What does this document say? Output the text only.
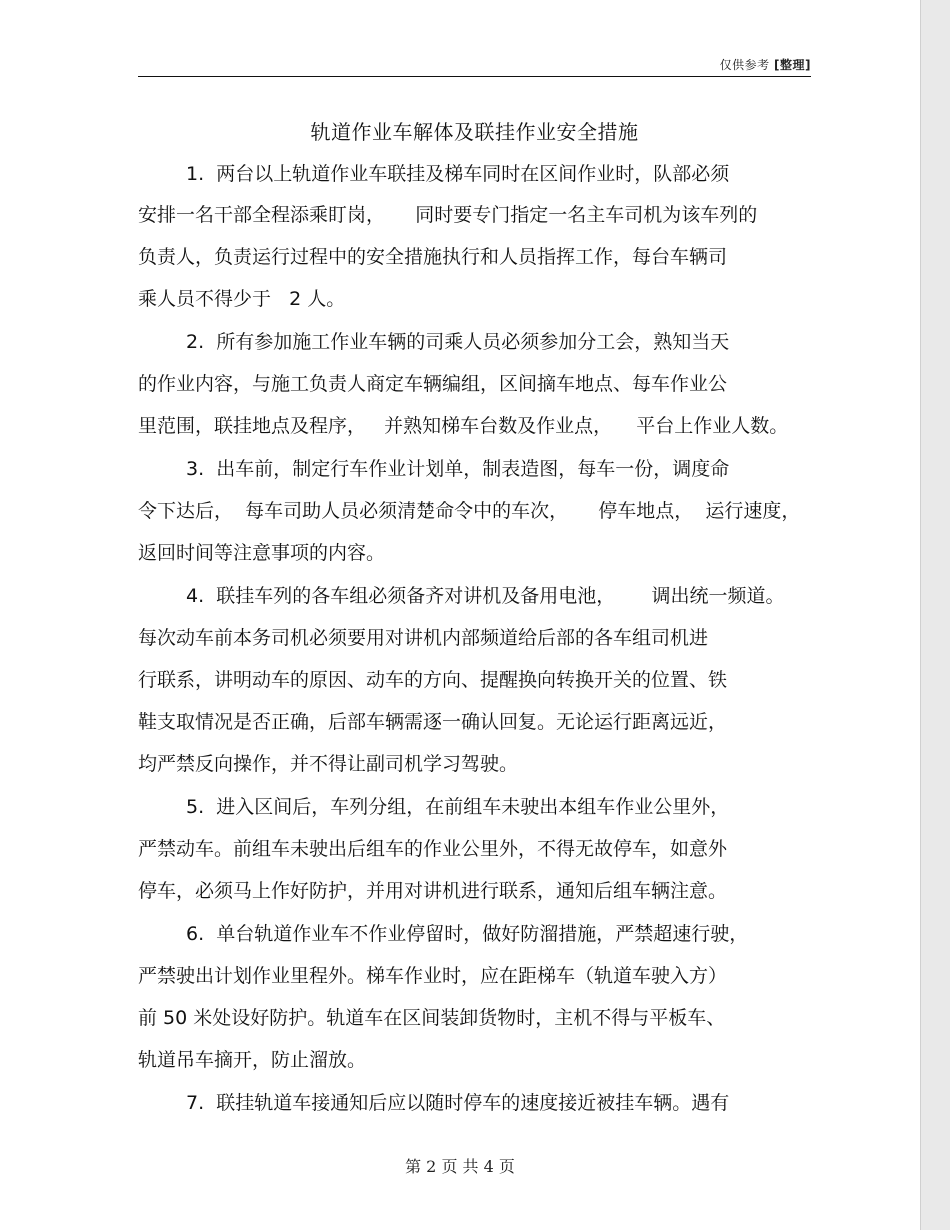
仅供参考 [整理]
轨道作业车解体及联挂作业安全措施
1.  两台以上轨道作业车联挂及梯车同时在区间作业时，队部必须
安排一名干部全程添乘盯岗，     同时要专门指定一名主车司机为该车列的
负责人，负责运行过程中的安全措施执行和人员指挥工作，每台车辆司
乘人员不得少于   2 人。
2.  所有参加施工作业车辆的司乘人员必须参加分工会，熟知当天
的作业内容，与施工负责人商定车辆编组，区间摘车地点、每车作业公
里范围，联挂地点及程序，   并熟知梯车台数及作业点，    平台上作业人数。
3.  出车前，制定行车作业计划单，制表造图，每车一份，调度命
令下达后，  每车司助人员必须清楚命令中的车次，     停车地点，  运行速度，
返回时间等注意事项的内容。
4.  联挂车列的各车组必须备齐对讲机及备用电池，      调出统一频道。
每次动车前本务司机必须要用对讲机内部频道给后部的各车组司机进
行联系，讲明动车的原因、动车的方向、提醒换向转换开关的位置、铁
鞋支取情况是否正确，后部车辆需逐一确认回复。无论运行距离远近，
均严禁反向操作，并不得让副司机学习驾驶。
5.  进入区间后，车列分组，在前组车未驶出本组车作业公里外，
严禁动车。前组车未驶出后组车的作业公里外，不得无故停车，如意外
停车，必须马上作好防护，并用对讲机进行联系，通知后组车辆注意。
6.  单台轨道作业车不作业停留时，做好防溜措施，严禁超速行驶，
严禁驶出计划作业里程外。梯车作业时，应在距梯车（轨道车驶入方）
前 50 米处设好防护。轨道车在区间装卸货物时，主机不得与平板车、
轨道吊车摘开，防止溜放。
7.  联挂轨道车接通知后应以随时停车的速度接近被挂车辆。遇有
第 2 页 共 4 页
